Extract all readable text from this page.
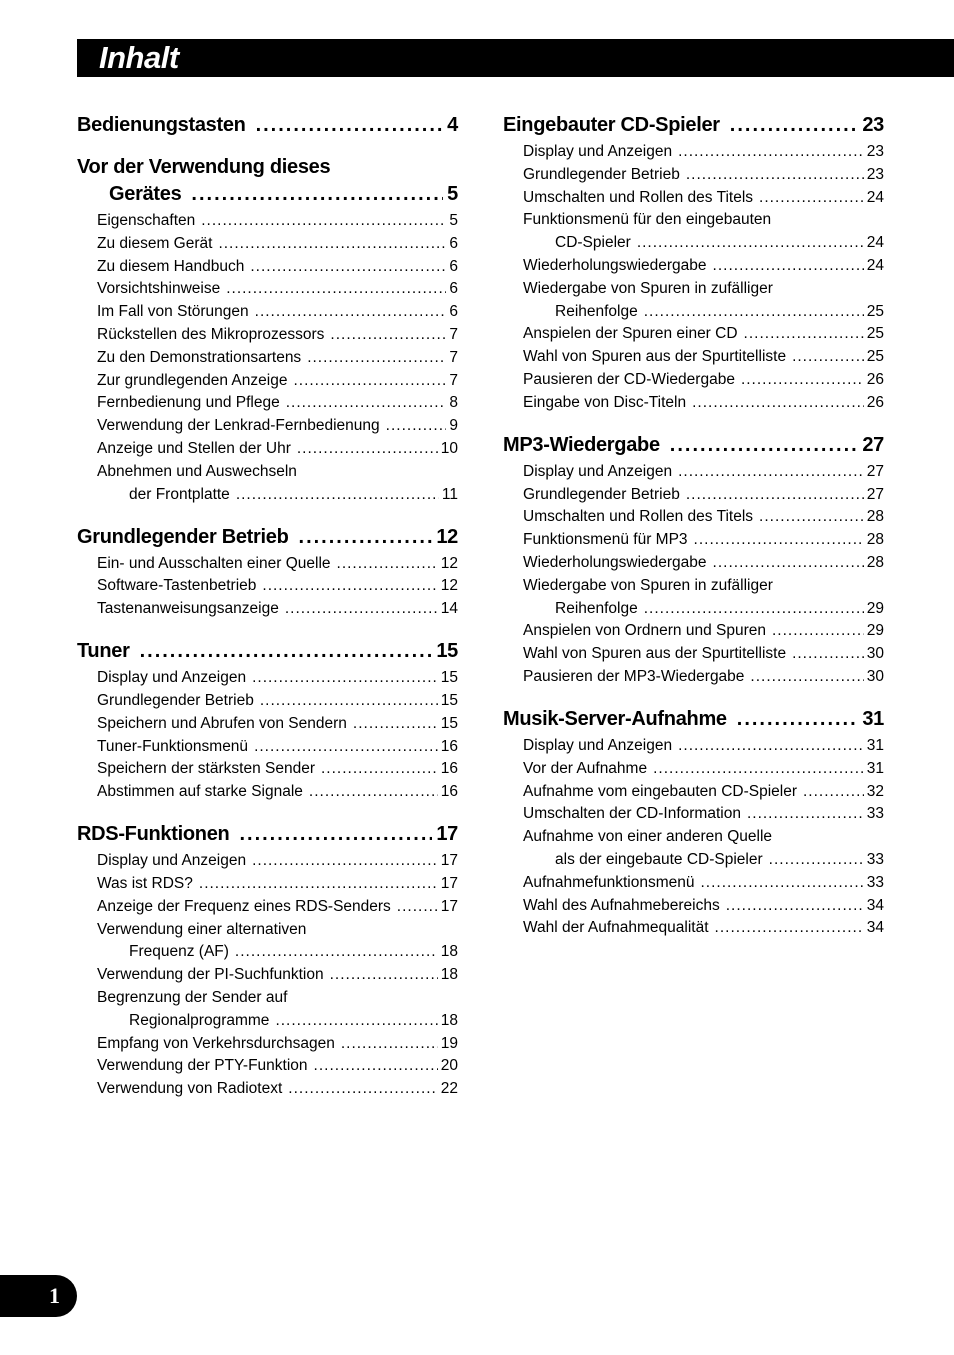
Inhalt
Bedienungstasten .....	4
Vor der Verwendung dieses
Gerätes .....	5
Eigenschaften .....	5
Zu diesem Gerät .....	6
Zu diesem Handbuch .....	6
Vorsichtshinweise .....	6
Im Fall von Störungen .....	6
Rückstellen des Mikroprozessors .....	7
Zu den Demonstrationsartens .....	7
Zur grundlegenden Anzeige .....	7
Fernbedienung und Pflege .....	8
Verwendung der Lenkrad-Fernbedienung .....	9
Anzeige und Stellen der Uhr .....	10
Abnehmen und Auswechseln
der Frontplatte .....	11
Grundlegender Betrieb .....	12
Ein- und Ausschalten einer Quelle .....	12
Software-Tastenbetrieb .....	12
Tastenanweisungsanzeige .....	14
Tuner .....	15
Display und Anzeigen .....	15
Grundlegender Betrieb .....	15
Speichern und Abrufen von Sendern .....	15
Tuner-Funktionsmenü .....	16
Speichern der stärksten Sender .....	16
Abstimmen auf starke Signale .....	16
RDS-Funktionen .....	17
Display und Anzeigen .....	17
Was ist RDS? .....	17
Anzeige der Frequenz eines RDS-Senders .....	17
Verwendung einer alternativen
Frequenz (AF) .....	18
Verwendung der PI-Suchfunktion .....	18
Begrenzung der Sender auf
Regionalprogramme .....	18
Empfang von Verkehrsdurchsagen .....	19
Verwendung der PTY-Funktion .....	20
Verwendung von Radiotext .....	22
Eingebauter CD-Spieler .....	23
Display und Anzeigen .....	23
Grundlegender Betrieb .....	23
Umschalten und Rollen des Titels .....	24
Funktionsmenü für den eingebauten
CD-Spieler .....	24
Wiederholungswiedergabe .....	24
Wiedergabe von Spuren in zufälliger
Reihenfolge .....	25
Anspielen der Spuren einer CD .....	25
Wahl von Spuren aus der Spurtitelliste .....	25
Pausieren der CD-Wiedergabe .....	26
Eingabe von Disc-Titeln .....	26
MP3-Wiedergabe .....	27
Display und Anzeigen .....	27
Grundlegender Betrieb .....	27
Umschalten und Rollen des Titels .....	28
Funktionsmenü für MP3 .....	28
Wiederholungswiedergabe .....	28
Wiedergabe von Spuren in zufälliger
Reihenfolge .....	29
Anspielen von Ordnern und Spuren .....	29
Wahl von Spuren aus der Spurtitelliste .....	30
Pausieren der MP3-Wiedergabe .....	30
Musik-Server-Aufnahme .....	31
Display und Anzeigen .....	31
Vor der Aufnahme .....	31
Aufnahme vom eingebauten CD-Spieler .....	32
Umschalten der CD-Information .....	33
Aufnahme von einer anderen Quelle
als der eingebaute CD-Spieler .....	33
Aufnahmefunktionsmenü .....	33
Wahl des Aufnahmebereichs .....	34
Wahl der Aufnahmequalität .....	34
1
